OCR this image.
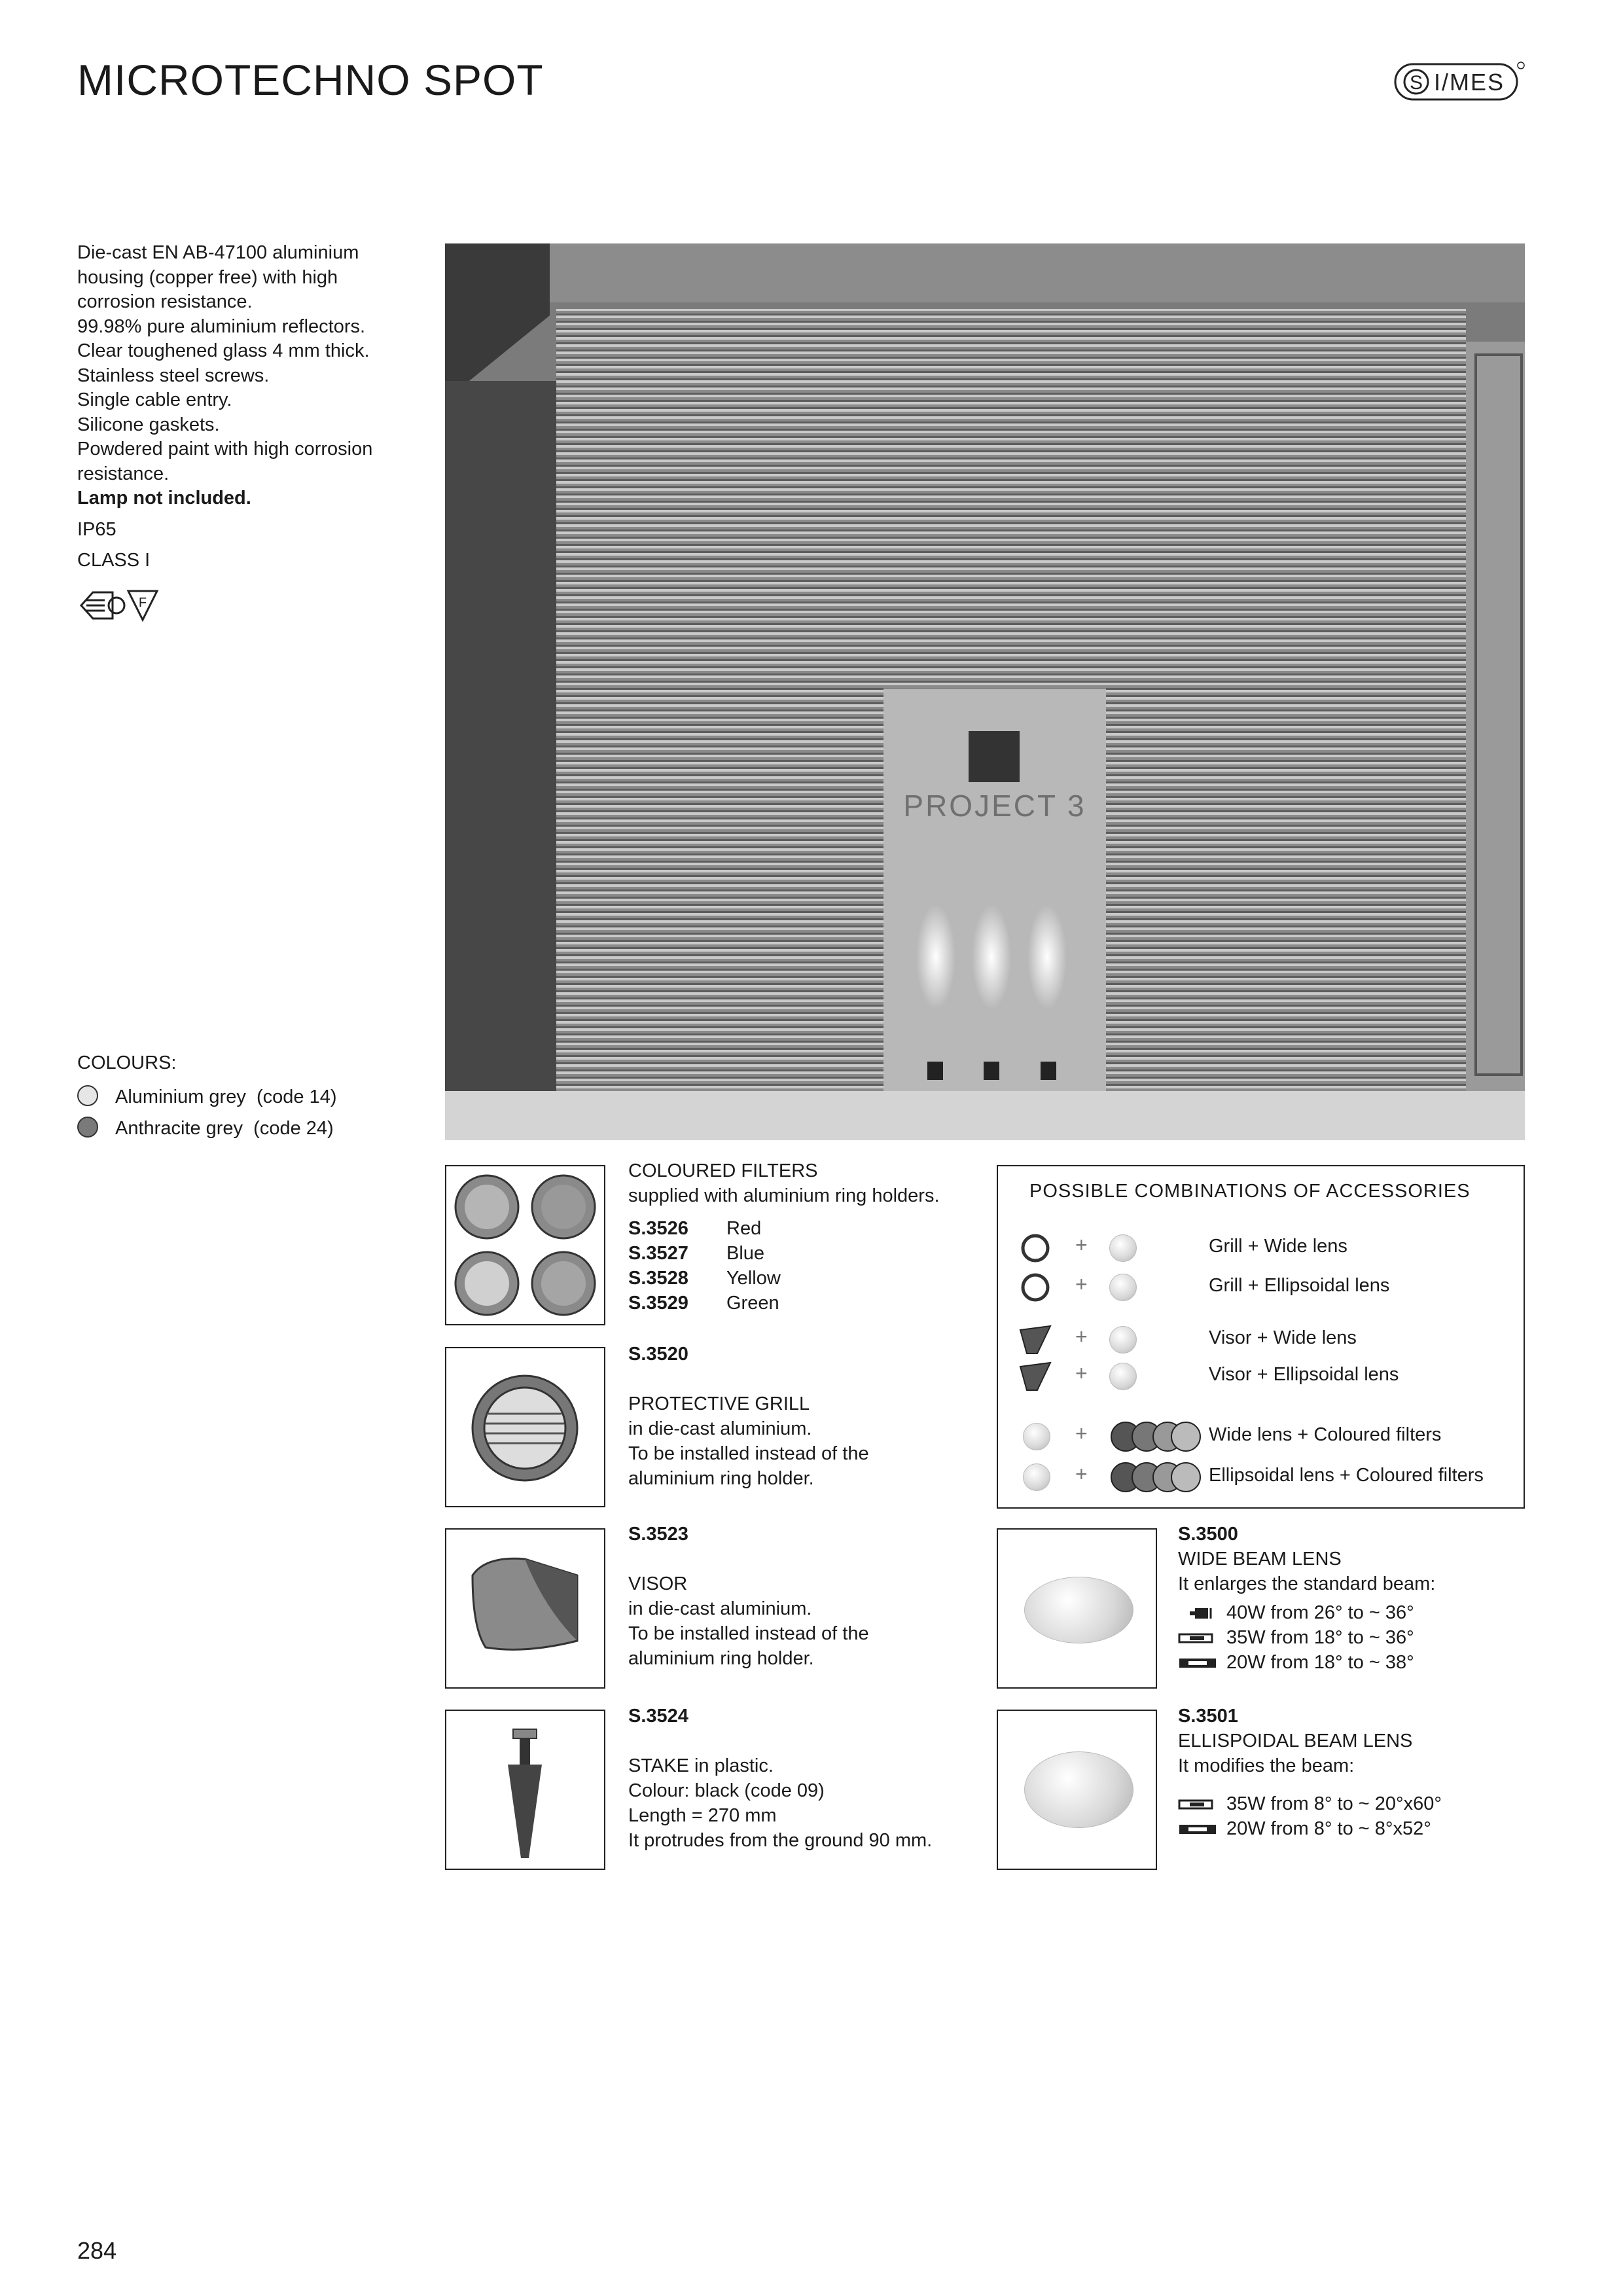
MICROTECHNO SPOT	S I/MES
Die-cast EN AB-47100 aluminium
housing (copper free) with high
corrosion resistance.
99.98% pure aluminium reflectors.
Clear toughened glass 4 mm thick.
Stainless steel screws.
Single cable entry.
Silicone gaskets.
Powdered paint with high corrosion
resistance.
Lamp not included.
IP65
CLASS I
F
PROJECT 3
COLOURS:
Aluminium grey (code 14)
Anthracite grey (code 24)
COLOURED FILTERS
supplied with aluminium ring holders.
S.3526 Red
S.3527 Blue
S.3528 Yellow
S.3529 Green
S.3520
PROTECTIVE GRILL
in die-cast aluminium.
To be installed instead of the
aluminium ring holder.
S.3523
VISOR
in die-cast aluminium.
To be installed instead of the
aluminium ring holder.
S.3524
STAKE in plastic.
Colour: black (code 09)
Length = 270 mm
It protrudes from the ground 90 mm.
POSSIBLE COMBINATIONS OF ACCESSORIES
+	Grill + Wide lens
+	Grill + Ellipsoidal lens
+	Visor + Wide lens
+	Visor + Ellipsoidal lens
+	Wide lens + Coloured filters
+	Ellipsoidal lens + Coloured filters
S.3500
WIDE BEAM LENS
It enlarges the standard beam:
40W from 26° to ~ 36°
35W from 18° to ~ 36°
20W from 18° to ~ 38°
S.3501
ELLISPOIDAL BEAM LENS
It modifies the beam:
35W from 8° to ~ 20°x60°
20W from 8° to ~ 8°x52°
284
